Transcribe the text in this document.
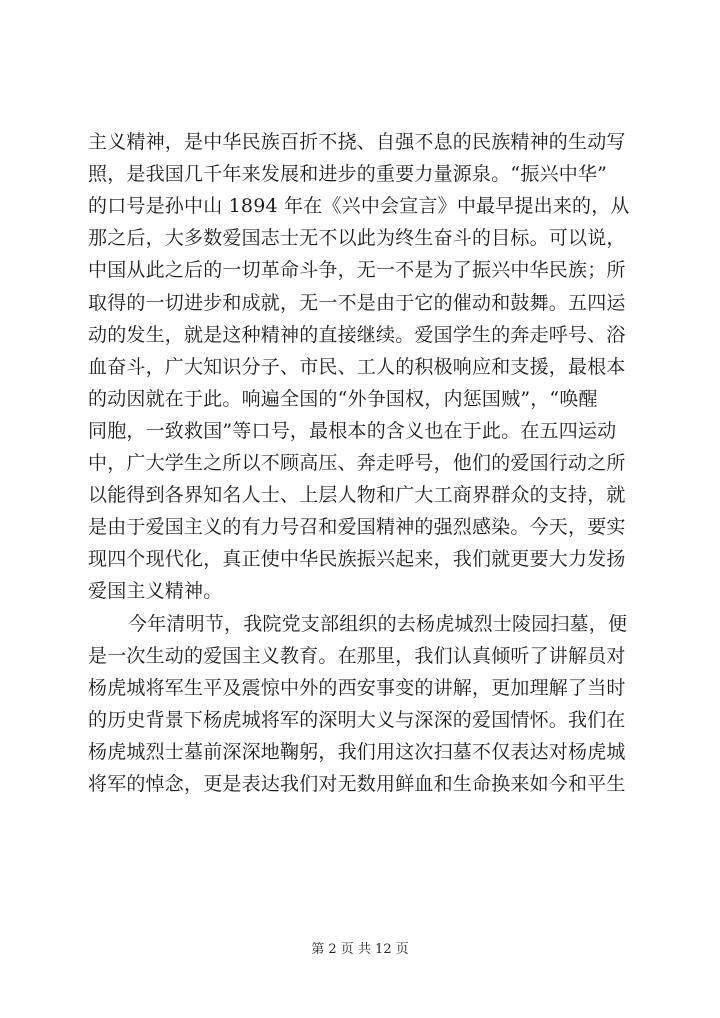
主义精神，是中华民族百折不挠、自强不息的民族精神的生动写
照，是我国几千年来发展和进步的重要力量源泉。“振兴中华”
的口号是孙中山 1894 年在《兴中会宣言》中最早提出来的，从
那之后，大多数爱国志士无不以此为终生奋斗的目标。可以说，
中国从此之后的一切革命斗争，无一不是为了振兴中华民族；所
取得的一切进步和成就，无一不是由于它的催动和鼓舞。五四运
动的发生，就是这种精神的直接继续。爱国学生的奔走呼号、浴
血奋斗，广大知识分子、市民、工人的积极响应和支援，最根本
的动因就在于此。响遍全国的“外争国权，内惩国贼”，“唤醒
同胞，一致救国”等口号，最根本的含义也在于此。在五四运动
中，广大学生之所以不顾高压、奔走呼号，他们的爱国行动之所
以能得到各界知名人士、上层人物和广大工商界群众的支持，就
是由于爱国主义的有力号召和爱国精神的强烈感染。今天，要实
现四个现代化，真正使中华民族振兴起来，我们就更要大力发扬
爱国主义精神。
今年清明节，我院党支部组织的去杨虎城烈士陵园扫墓，便
是一次生动的爱国主义教育。在那里，我们认真倾听了讲解员对
杨虎城将军生平及震惊中外的西安事变的讲解，更加理解了当时
的历史背景下杨虎城将军的深明大义与深深的爱国情怀。我们在
杨虎城烈士墓前深深地鞠躬，我们用这次扫墓不仅表达对杨虎城
将军的悼念，更是表达我们对无数用鲜血和生命换来如今和平生
第 2 页 共 12 页
